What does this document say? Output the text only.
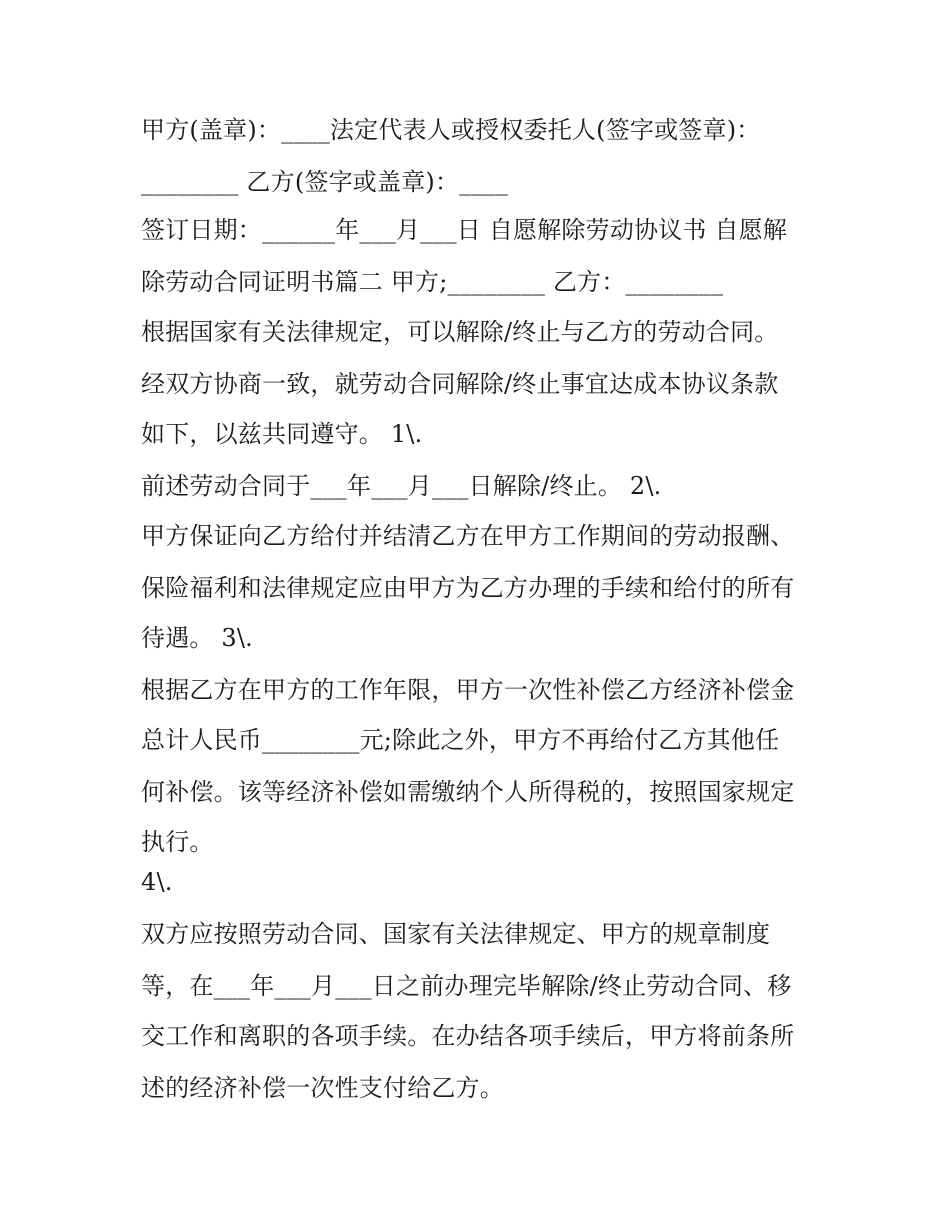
甲方(盖章)：____法定代表人或授权委托人(签字或签章)：
________ 乙方(签字或盖章)：____
签订日期：______年___月___日 自愿解除劳动协议书 自愿解
除劳动合同证明书篇二 甲方;________ 乙方：________
根据国家有关法律规定，可以解除/终止与乙方的劳动合同。
经双方协商一致，就劳动合同解除/终止事宜达成本协议条款
如下，以兹共同遵守。 1\.
前述劳动合同于___年___月___日解除/终止。 2\.
甲方保证向乙方给付并结清乙方在甲方工作期间的劳动报酬、
保险福利和法律规定应由甲方为乙方办理的手续和给付的所有
待遇。 3\.
根据乙方在甲方的工作年限，甲方一次性补偿乙方经济补偿金
总计人民币________元;除此之外，甲方不再给付乙方其他任
何补偿。该等经济补偿如需缴纳个人所得税的，按照国家规定
执行。
4\.
双方应按照劳动合同、国家有关法律规定、甲方的规章制度
等，在___年___月___日之前办理完毕解除/终止劳动合同、移
交工作和离职的各项手续。在办结各项手续后，甲方将前条所
述的经济补偿一次性支付给乙方。
